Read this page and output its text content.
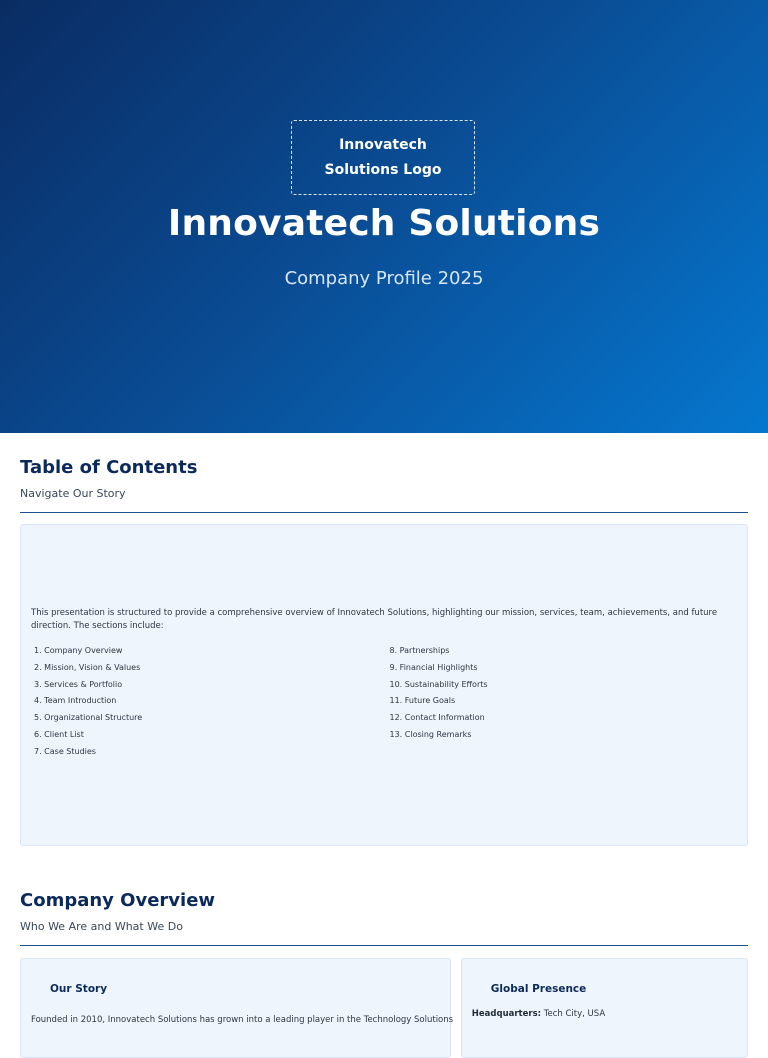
Innovatech Solutions Logo
Innovatech Solutions
Company Profile 2025
Table of Contents
Navigate Our Story
This presentation is structured to provide a comprehensive overview of Innovatech Solutions, highlighting our mission, services, team, achievements, and future direction. The sections include:
1. Company Overview
2. Mission, Vision & Values
3. Services & Portfolio
4. Team Introduction
5. Organizational Structure
6. Client List
7. Case Studies
8. Partnerships
9. Financial Highlights
10. Sustainability Efforts
11. Future Goals
12. Contact Information
13. Closing Remarks
Company Overview
Who We Are and What We Do
Our Story
Founded in 2010, Innovatech Solutions has grown into a leading player in the Technology Solutions
Global Presence
Headquarters: Tech City, USA
